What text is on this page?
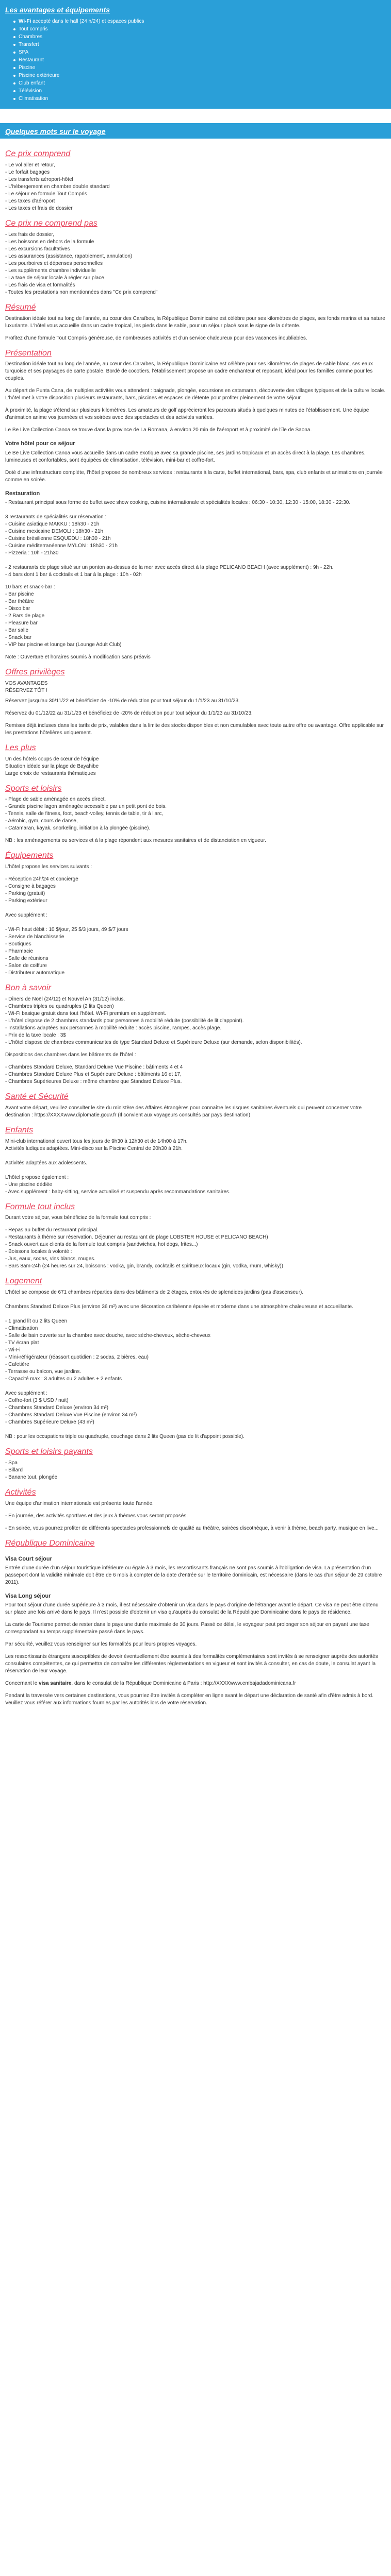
Les avantages et équipements
Wi-Fi accepté dans le hall (24 h/24) et espaces publics
Tout compris
Chambres
Transfert
SPA
Restaurant
Piscine
Piscine extérieure
Club enfant
Télévision
Climatisation
Quelques mots sur le voyage
Ce prix comprend

- Le vol aller et retour,

- Le forfait bagages

- Les transferts aéroport-hôtel

- L'hébergement en chambre double standard

- Le séjour en formule Tout Compris

- Les taxes d'aéroport

- Les taxes et frais de dossier

Ce prix ne comprend pas

- Les frais de dossier,

- Les boissons en dehors de la formule

- Les excursions facultatives

- Les assurances (assistance, rapatriement, annulation)

- Les pourboires et dépenses personnelles

- Les suppléments chambre individuelle

- La taxe de séjour locale à régler sur place

- Les frais de visa et formalités

- Toutes les prestations non mentionnées dans "Ce prix comprend"

Résumé

Destination idéale tout au long de l'année, au cœur des Caraïbes, la République Dominicaine est célèbre pour ses kilomètres de plages, ses fonds marins et sa nature luxuriante. L'hôtel vous accueille dans un cadre tropical, les pieds dans le sable, pour un séjour placé sous le signe de la détente.

Profitez d'une formule Tout Compris généreuse, de nombreuses activités et d'un service chaleureux pour des vacances inoubliables.

Présentation

Destination idéale tout au long de l'année, au cœur des Caraïbes, la République Dominicaine est célèbre pour ses kilomètres de plages de sable blanc, ses eaux turquoise et ses paysages de carte postale. Bordé de cocotiers, l'établissement propose un cadre enchanteur et reposant, idéal pour les familles comme pour les couples.

Au départ de Punta Cana, de multiples activités vous attendent : baignade, plongée, excursions en catamaran, découverte des villages typiques et de la culture locale. L'hôtel met à votre disposition plusieurs restaurants, bars, piscines et espaces de détente pour profiter pleinement de votre séjour.

À proximité, la plage s'étend sur plusieurs kilomètres. Les amateurs de golf apprécieront les parcours situés à quelques minutes de l'établissement. Une équipe d'animation anime vos journées et vos soirées avec des spectacles et des activités variées.

Le Be Live Collection Canoa se trouve dans la province de La Romana, à environ 20 min de l'aéroport et à proximité de l'île de Saona.

Votre hôtel pour ce séjour

Le Be Live Collection Canoa vous accueille dans un cadre exotique avec sa grande piscine, ses jardins tropicaux et un accès direct à la plage. Les chambres, lumineuses et confortables, sont équipées de climatisation, télévision, mini-bar et coffre-fort.

Doté d'une infrastructure complète, l'hôtel propose de nombreux services : restaurants à la carte, buffet international, bars, spa, club enfants et animations en journée comme en soirée.

Restauration

- Restaurant principal sous forme de buffet avec show cooking, cuisine internationale et spécialités locales : 06:30 - 10:30, 12:30 - 15:00, 18:30 - 22:30.

3 restaurants de spécialités sur réservation :

- Cuisine asiatique MAKKU : 18h30 - 21h

- Cuisine mexicaine DEMOLI : 18h30 - 21h

- Cuisine brésilienne ESQUEDU : 18h30 - 21h

- Cuisine méditerranéenne MYLON : 18h30 - 21h

- Pizzeria : 10h - 21h30

- 2 restaurants de plage situé sur un ponton au-dessus de la mer avec accès direct à la plage PELICANO BEACH (avec supplément) : 9h - 22h.

- 4 bars dont 1 bar à cocktails et 1 bar à la plage : 10h - 02h

10 bars et snack-bar :

- Bar piscine

- Bar théâtre

- Disco bar

- 2 Bars de plage

- Pleasure bar

- Bar salle

- Snack bar

- VIP bar piscine et lounge bar (Lounge Adult Club)

Note : Ouverture et horaires soumis à modification sans préavis

Offres privilèges

VOS AVANTAGES

RÉSERVEZ TÔT !

Réservez jusqu'au 30/11/22 et bénéficiez de -10% de réduction pour tout séjour du 1/1/23 au 31/10/23.

Réservez du 01/12/22 au 31/1/23 et bénéficiez de -20% de réduction pour tout séjour du 1/1/23 au 31/10/23.

Remises déjà incluses dans les tarifs de prix, valables dans la limite des stocks disponibles et non cumulables avec toute autre offre ou avantage. Offre applicable sur les prestations hôtelières uniquement.

Les plus

Un des hôtels coups de cœur de l'équipe

Situation idéale sur la plage de Bayahibe

Large choix de restaurants thématiques

Sports et loisirs

- Plage de sable aménagée en accès direct.

- Grande piscine lagon aménagée accessible par un petit pont de bois.

- Tennis, salle de fitness, foot, beach-volley, tennis de table, tir à l'arc,

- Aérobic, gym, cours de danse,

- Catamaran, kayak, snorkeling, initiation à la plongée (piscine).

NB : les aménagements ou services et à la plage répondent aux mesures sanitaires et de distanciation en vigueur.

Équipements

L'hôtel propose les services suivants :

- Réception 24h/24 et concierge

- Consigne à bagages

- Parking (gratuit)

- Parking extérieur

Avec supplément :

- Wi-Fi haut débit : 10 $/jour, 25 $/3 jours, 49 $/7 jours

- Service de blanchisserie

- Boutiques

- Pharmacie

- Salle de réunions

- Salon de coiffure

- Distributeur automatique

Bon à savoir

- Dîners de Noël (24/12) et Nouvel An (31/12) inclus.

- Chambres triples ou quadruples (2 lits Queen)

- Wi-Fi basique gratuit dans tout l'hôtel. Wi-Fi premium en supplément.

- L'hôtel dispose de 2 chambres standards pour personnes à mobilité réduite (possibilité de lit d'appoint).

- Installations adaptées aux personnes à mobilité réduite : accès piscine, rampes, accès plage.

- Prix de la taxe locale : 3$

- L'hôtel dispose de chambres communicantes de type Standard Deluxe et Supérieure Deluxe (sur demande, selon disponibilités).

Dispositions des chambres dans les bâtiments de l'hôtel :

- Chambres Standard Deluxe, Standard Deluxe Vue Piscine : bâtiments 4 et 4

- Chambres Standard Deluxe Plus et Supérieure Deluxe : bâtiments 16 et 17,

- Chambres Supérieures Deluxe : même chambre que Standard Deluxe Plus.

Santé et Sécurité

Avant votre départ, veuillez consulter le site du ministère des Affaires étrangères pour connaître les risques sanitaires éventuels qui peuvent concerner votre destination : https://XXXXwww.diplomatie.gouv.fr (Il convient aux voyageurs consultés par pays destination)

Enfants

Mini-club international ouvert tous les jours de 9h30 à 12h30 et de 14h00 à 17h.

Activités ludiques adaptées. Mini-disco sur la Piscine Central de 20h30 à 21h.

Activités adaptées aux adolescents.

L'hôtel propose également :

- Une piscine dédiée

- Avec supplément : baby-sitting, service actualisé et suspendu après recommandations sanitaires.

Formule tout inclus

Durant votre séjour, vous bénéficiez de la formule tout compris :

- Repas au buffet du restaurant principal.

- Restaurants à thème sur réservation. Déjeuner au restaurant de plage LOBSTER HOUSE et PELICANO BEACH)

- Snack ouvert aux clients de la formule tout compris (sandwiches, hot dogs, frites...)

- Boissons locales à volonté :

- Jus, eaux, sodas, vins blancs, rouges.

- Bars 8am-24h (24 heures sur 24, boissons : vodka, gin, brandy, cocktails et spiritueux locaux (gin, vodka, rhum, whisky))

Logement

L'hôtel se compose de 671 chambres réparties dans des bâtiments de 2 étages, entourés de splendides jardins (pas d'ascenseur).

Chambres Standard Deluxe Plus (environ 36 m²) avec une décoration caribéenne épurée et moderne dans une atmosphère chaleureuse et accueillante.

- 1 grand lit ou 2 lits Queen

- Climatisation

- Salle de bain ouverte sur la chambre avec douche, avec sèche-cheveux, sèche-cheveux

- TV écran plat

- Wi-Fi

- Mini-réfrigérateur (réassort quotidien : 2 sodas, 2 bières, eau)

- Cafetière

- Terrasse ou balcon, vue jardins.

- Capacité max : 3 adultes ou 2 adultes + 2 enfants

Avec supplément :

- Coffre-fort (3 $ USD / nuit)

- Chambres Standard Deluxe (environ 34 m²)

- Chambres Standard Deluxe Vue Piscine (environ 34 m²)

- Chambres Supérieure Deluxe (43 m²)

NB : pour les occupations triple ou quadruple, couchage dans 2 lits Queen (pas de lit d'appoint possible).

Sports et loisirs payants

- Spa

- Billard

- Banane tout, plongée

Activités

Une équipe d'animation internationale est présente toute l'année.

- En journée, des activités sportives et des jeux à thèmes vous seront proposés.

- En soirée, vous pourrez profiter de différents spectacles professionnels de qualité au théâtre, soirées discothèque, à venir à thème, beach party, musique en live...

République Dominicaine
Visa Court séjour

Entrée d'une durée d'un séjour touristique inférieure ou égale à 3 mois, les ressortissants français ne sont pas soumis à l'obligation de visa. La présentation d'un passeport dont la validité minimale doit être de 6 mois à compter de la date d'entrée sur le territoire dominicain, est nécessaire (dans le cas d'un séjour de 29 octobre 2011).

Visa Long séjour

Pour tout séjour d'une durée supérieure à 3 mois, il est nécessaire d'obtenir un visa dans le pays d'origine de l'étranger avant le départ. Ce visa ne peut être obtenu sur place une fois arrivé dans le pays. Il n'est possible d'obtenir un visa qu'auprès du consulat de la République Dominicaine dans le pays de résidence.

La carte de Tourisme permet de rester dans le pays une durée maximale de 30 jours. Passé ce délai, le voyageur peut prolonger son séjour en payant une taxe correspondant au temps supplémentaire passé dans le pays.

Par sécurité, veuillez vous renseigner sur les formalités pour leurs propres voyages.

Les ressortissants étrangers susceptibles de devoir éventuellement être soumis à des formalités complémentaires sont invités à se renseigner auprès des autorités consulaires compétentes, ce qui permettra de connaître les différentes réglementations en vigueur et sont invités à consulter, en cas de doute, le consulat ayant la réservation de leur voyage.

Concernant le visa sanitaire, dans le consulat de la République Dominicaine à Paris : http://XXXXwww.embajadadominicana.fr

Pendant la traversée vers certaines destinations, vous pourriez être invités à compléter en ligne avant le départ une déclaration de santé afin d'être admis à bord. Veuillez vous référer aux informations fournies par les autorités lors de votre réservation.
